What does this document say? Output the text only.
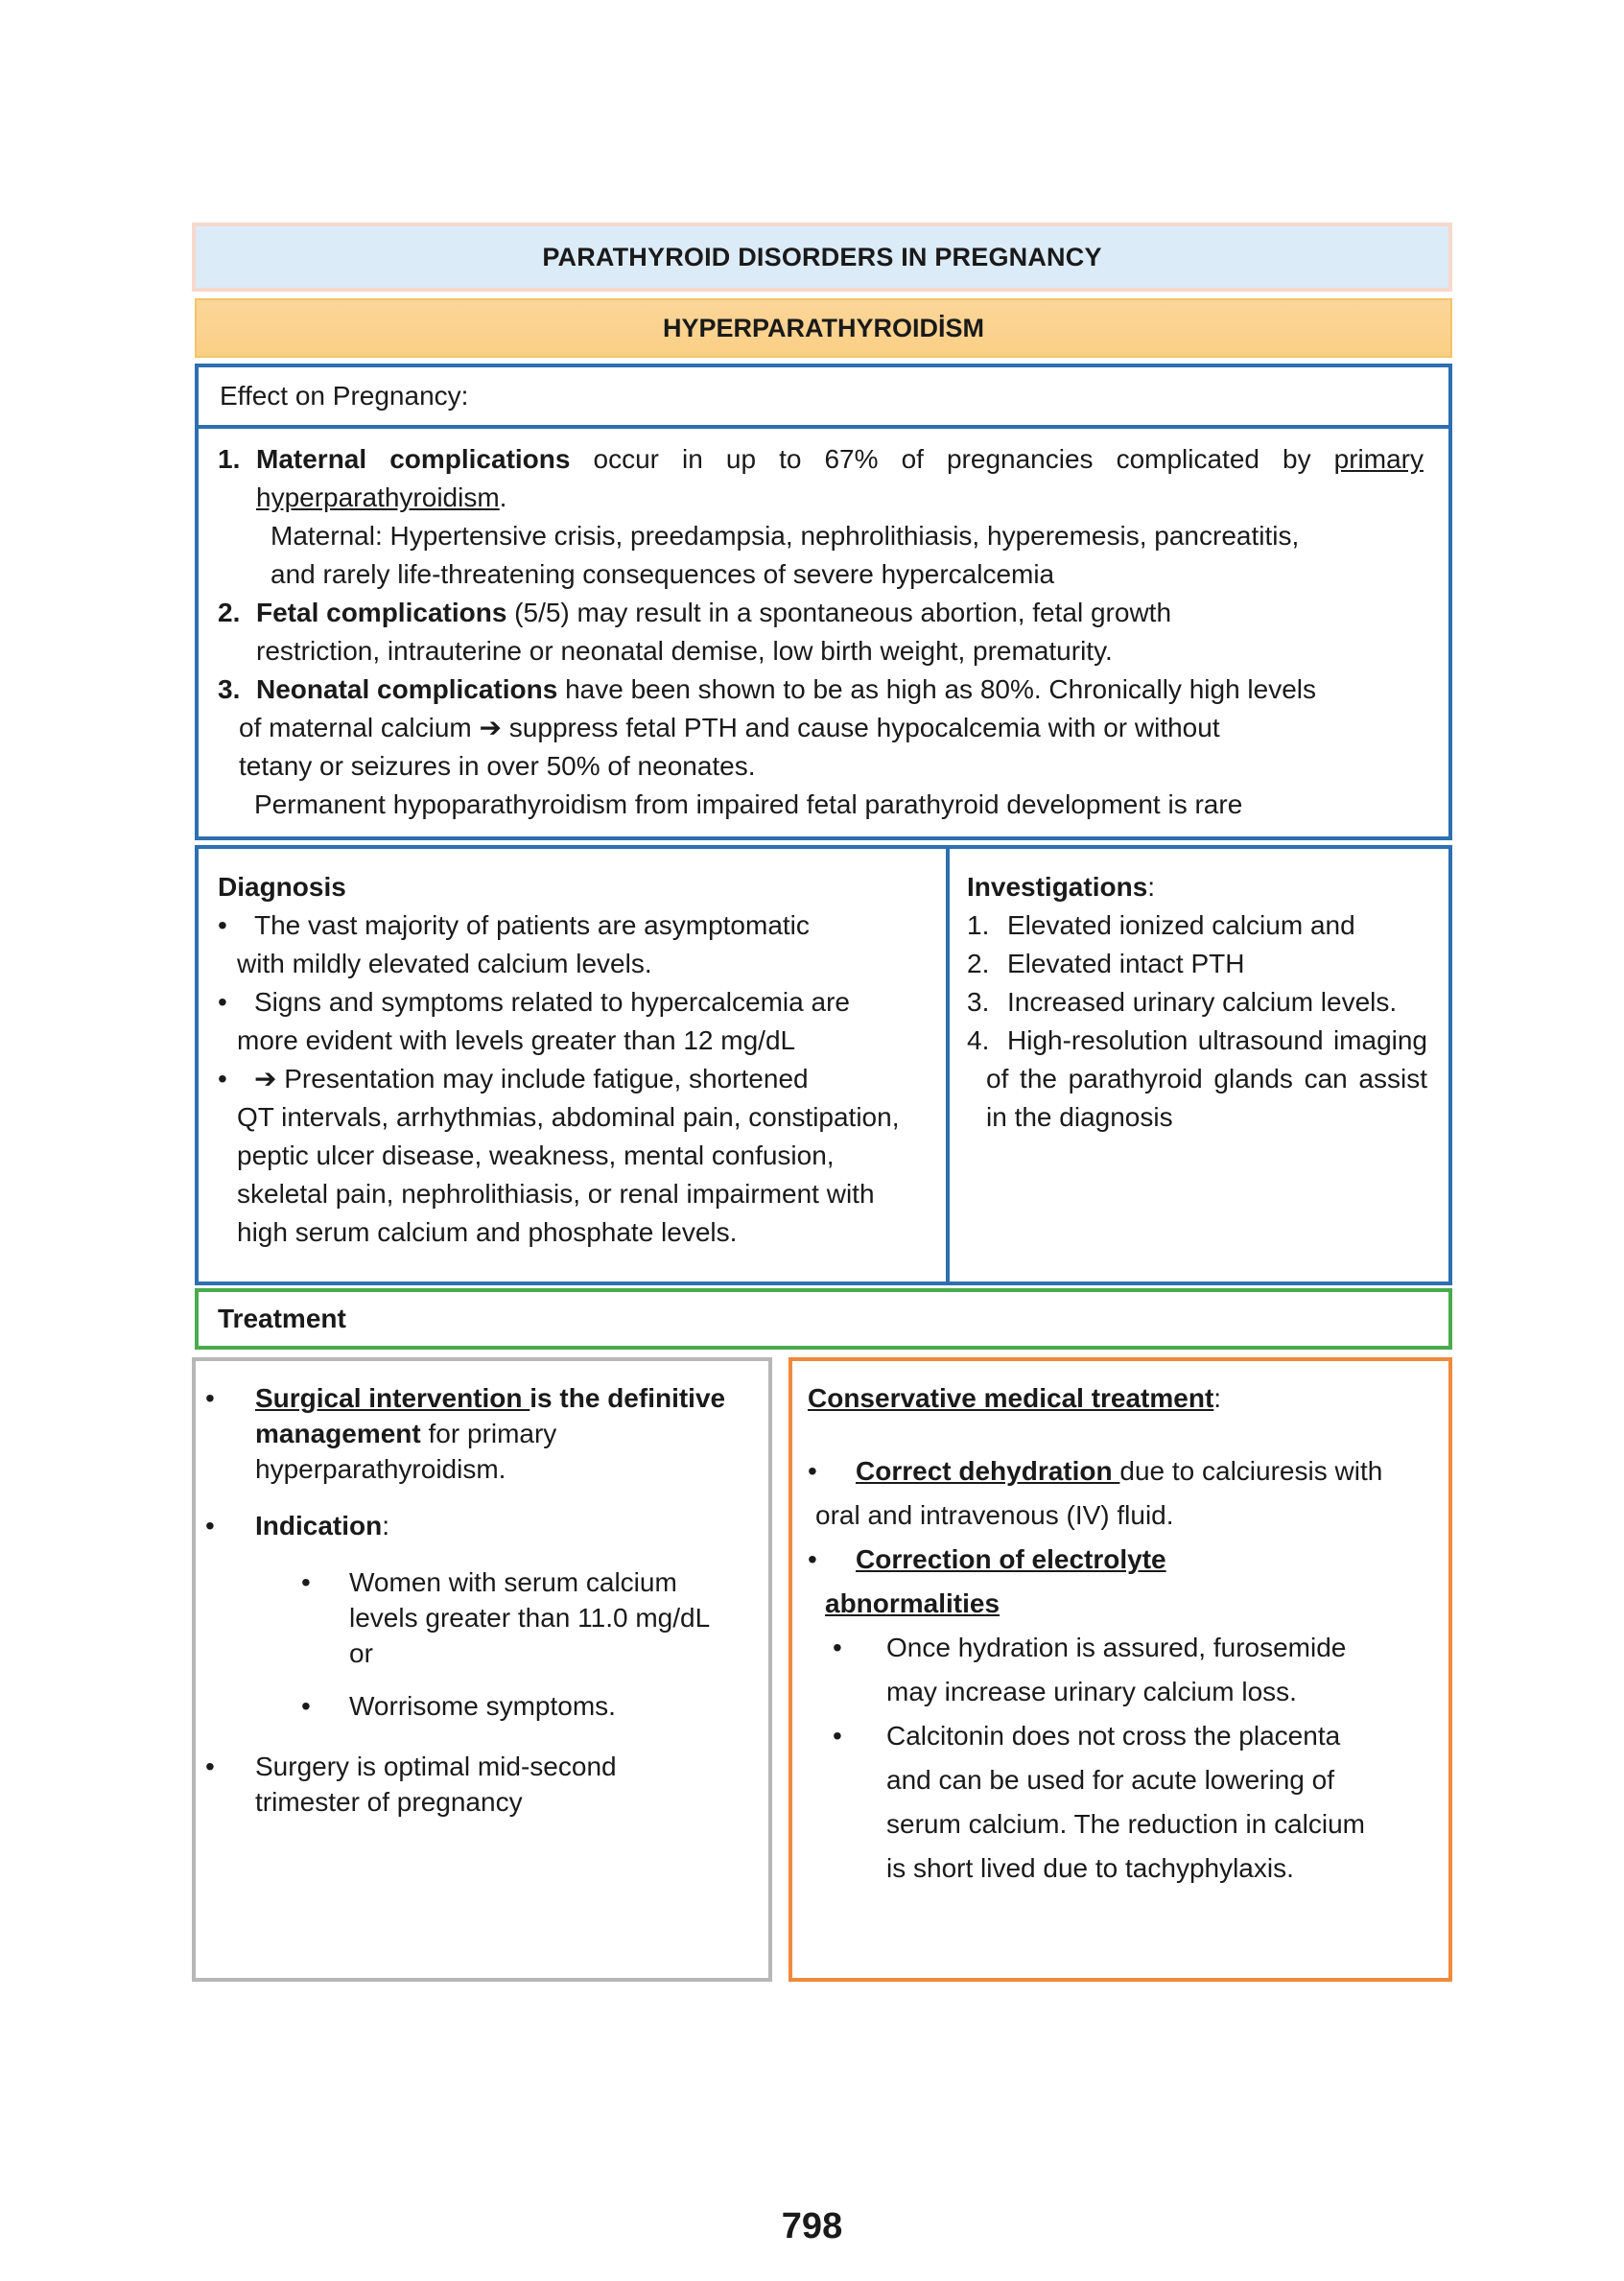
PARATHYROID DISORDERS IN PREGNANCY
HYPERPARATHYROIDİSM
Effect on Pregnancy:
1. Maternal complications occur in up to 67% of pregnancies complicated by primary
hyperparathyroidism.
Maternal: Hypertensive crisis, preedampsia, nephrolithiasis, hyperemesis, pancreatitis,
and rarely life-threatening consequences of severe hypercalcemia
2. Fetal complications (5/5) may result in a spontaneous abortion, fetal growth
restriction, intrauterine or neonatal demise, low birth weight, prematurity.
3. Neonatal complications have been shown to be as high as 80%. Chronically high levels
of maternal calcium ➔ suppress fetal PTH and cause hypocalcemia with or without
tetany or seizures in over 50% of neonates.
Permanent hypoparathyroidism from impaired fetal parathyroid development is rare
Diagnosis
• The vast majority of patients are asymptomatic
with mildly elevated calcium levels.
• Signs and symptoms related to hypercalcemia are
more evident with levels greater than 12 mg/dL
• ➔ Presentation may include fatigue, shortened
QT intervals, arrhythmias, abdominal pain, constipation, peptic ulcer disease, weakness, mental confusion, skeletal pain, nephrolithiasis, or renal impairment with high serum calcium and phosphate levels.
Investigations:
1. Elevated ionized calcium and
2. Elevated intact PTH
3. Increased urinary calcium levels.
4. High-resolution ultrasound imaging of the parathyroid glands can assist in the diagnosis
Treatment
• Surgical intervention is the definitive management for primary hyperparathyroidism.
• Indication:
• Women with serum calcium levels greater than 11.0 mg/dL or
• Worrisome symptoms.
• Surgery is optimal mid-second trimester of pregnancy
Conservative medical treatment:
• Correct dehydration due to calciuresis with
oral and intravenous (IV) fluid.
• Correction of electrolyte
abnormalities
• Once hydration is assured, furosemide may increase urinary calcium loss.
• Calcitonin does not cross the placenta and can be used for acute lowering of serum calcium. The reduction in calcium is short lived due to tachyphylaxis.
798
